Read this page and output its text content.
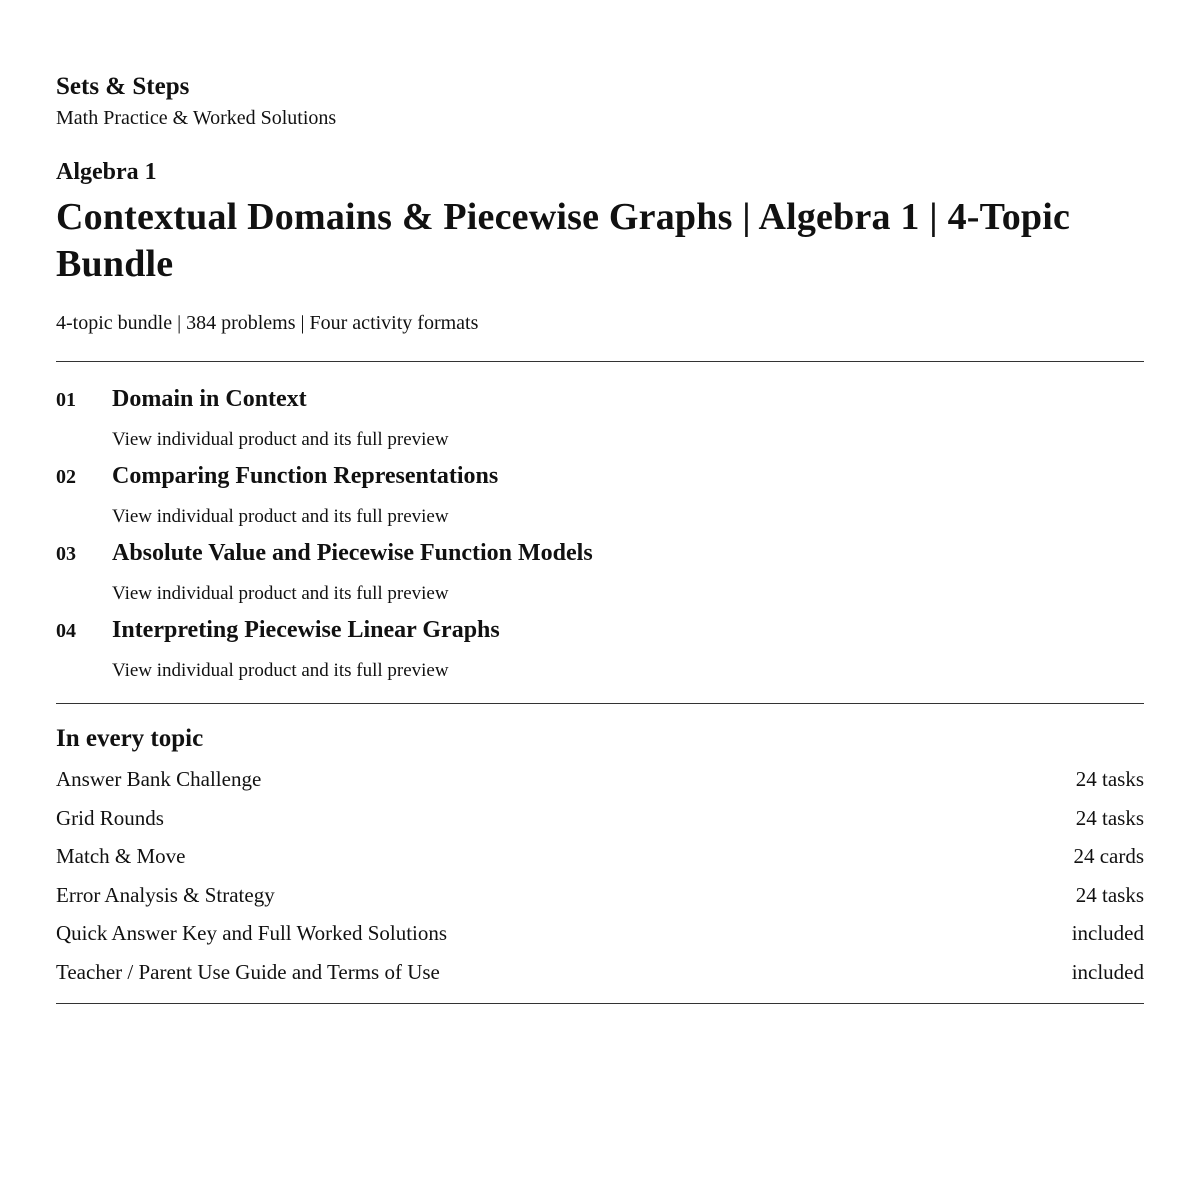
Sets & Steps

Math Practice & Worked Solutions

Algebra 1

Contextual Domains & Piecewise Graphs | Algebra 1 | 4-Topic Bundle

4-topic bundle | 384 problems | Four activity formats

01 Domain in Context
View individual product and its full preview
02 Comparing Function Representations
View individual product and its full preview
03 Absolute Value and Piecewise Function Models
View individual product and its full preview
04 Interpreting Piecewise Linear Graphs
View individual product and its full preview
In every topic
Answer Bank Challenge	24 tasks
Grid Rounds	24 tasks
Match & Move	24 cards
Error Analysis & Strategy	24 tasks
Quick Answer Key and Full Worked Solutions	included
Teacher / Parent Use Guide and Terms of Use	included
